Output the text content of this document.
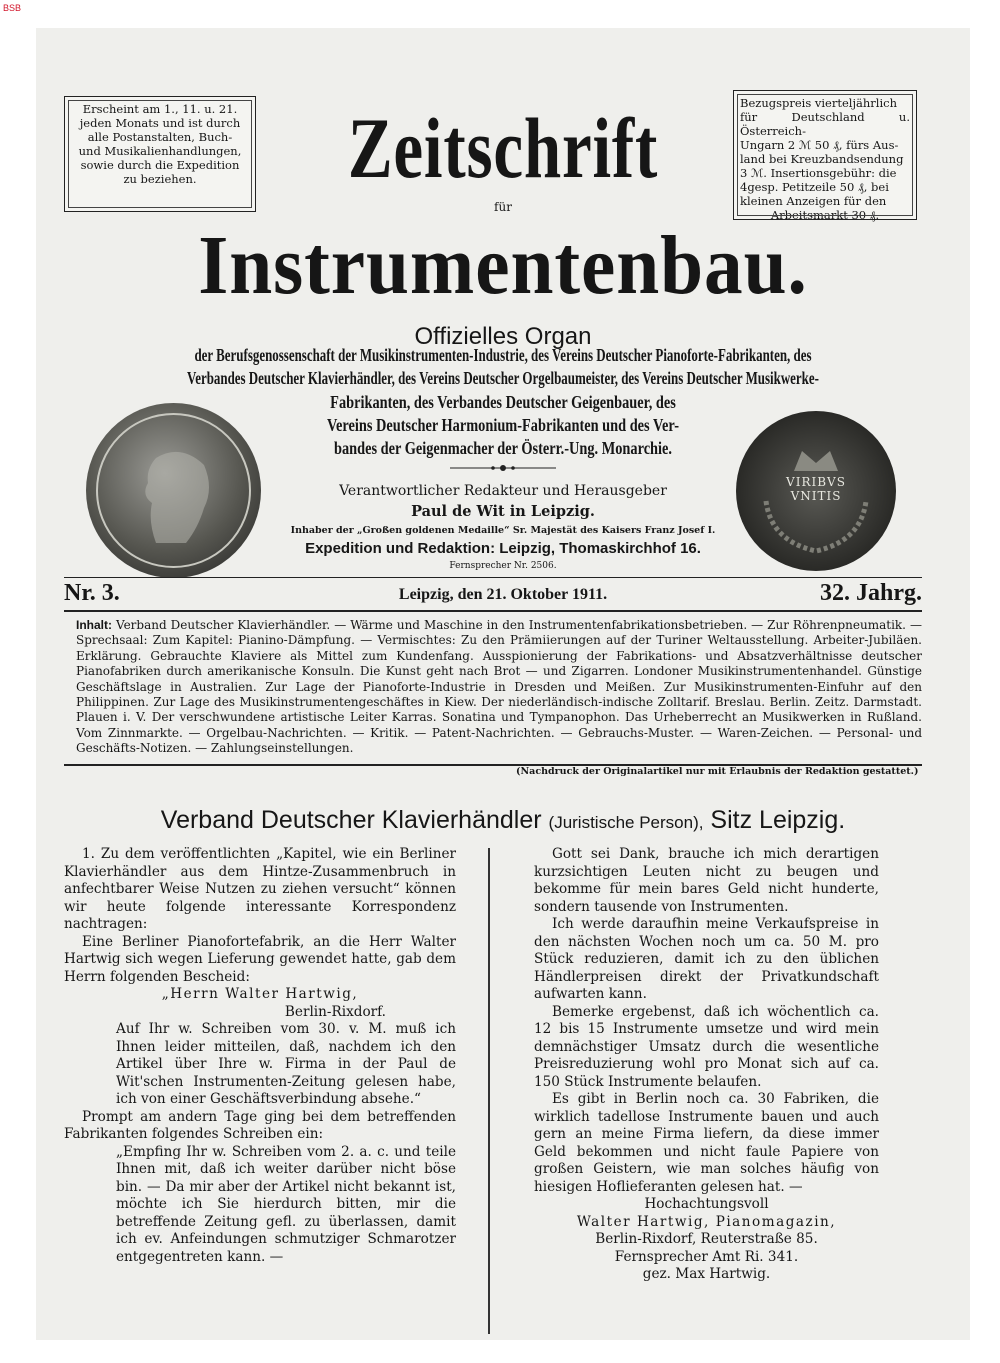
BSB
Erscheint am 1., 11. u. 21.
jeden Monats und ist durch
alle Postanstalten, Buch-
und Musikalienhandlungen,
sowie durch die Expedition
zu beziehen.
Bezugspreis vierteljährlich
für Deutschland u. Österreich-
Ungarn 2 ℳ 50 ₰, fürs Aus-
land bei Kreuzbandsendung
3 ℳ. Insertionsgebühr: die
4gesp. Petitzeile 50 ₰, bei
kleinen Anzeigen für den
Arbeitsmarkt 30 ₰.
Zeitschrift
für
Instrumentenbau.
Offizielles Organ
der Berufsgenossenschaft der Musikinstrumenten-Industrie, des Vereins Deutscher Pianoforte-Fabrikanten, des
Verbandes Deutscher Klavierhändler, des Vereins Deutscher Orgelbaumeister, des Vereins Deutscher Musikwerke-
Fabrikanten, des Verbandes Deutscher Geigenbauer, des
Vereins Deutscher Harmonium-Fabrikanten und des Ver-
bandes der Geigenmacher der Österr.-Ung. Monarchie.
VIRIBVS
VNITIS
Verantwortlicher Redakteur und Herausgeber
Paul de Wit in Leipzig.
Inhaber der „Großen goldenen Medaille“ Sr. Majestät des Kaisers Franz Josef I.
Expedition und Redaktion: Leipzig, Thomaskirchhof 16.
Fernsprecher Nr. 2506.
Nr. 3.	Leipzig, den 21. Oktober 1911.	32. Jahrg.
Inhalt: Verband Deutscher Klavierhändler. — Wärme und Maschine in den Instrumentenfabrikationsbetrieben. — Zur Röhrenpneumatik. — Sprechsaal: Zum Kapitel: Pianino-Dämpfung. — Vermischtes: Zu den Prämiierungen auf der Turiner Weltausstellung. Arbeiter-Jubiläen. Erklärung. Gebrauchte Klaviere als Mittel zum Kundenfang. Ausspionierung der Fabrikations- und Absatzverhältnisse deutscher Pianofabriken durch amerikanische Konsuln. Die Kunst geht nach Brot — und Zigarren. Londoner Musikinstrumentenhandel. Günstige Geschäftslage in Australien. Zur Lage der Pianoforte-Industrie in Dresden und Meißen. Zur Musikinstrumenten-Einfuhr auf den Philippinen. Zur Lage des Musikinstrumentengeschäftes in Kiew. Der niederländisch-indische Zolltarif. Breslau. Berlin. Zeitz. Darmstadt. Plauen i. V. Der verschwundene artistische Leiter Karras. Sonatina und Tympanophon. Das Urheberrecht an Musikwerken in Rußland. Vom Zinnmarkte. — Orgelbau-Nachrichten. — Kritik. — Patent-Nachrichten. — Gebrauchs-Muster. — Waren-Zeichen. — Personal- und Geschäfts-Notizen. — Zahlungseinstellungen.
(Nachdruck der Originalartikel nur mit Erlaubnis der Redaktion gestattet.)
Verband Deutscher Klavierhändler (Juristische Person), Sitz Leipzig.

1. Zu dem veröffentlichten „Kapitel, wie ein Berliner Klavierhändler aus dem Hintze-Zusammenbruch in anfechtbarer Weise Nutzen zu ziehen versucht“ können wir heute folgende interessante Korrespondenz nachtragen:

Eine Berliner Pianofortefabrik, an die Herr Walter Hartwig sich wegen Lieferung gewendet hatte, gab dem Herrn folgenden Bescheid:

„Herrn Walter Hartwig,

Berlin-Rixdorf.

Auf Ihr w. Schreiben vom 30. v. M. muß ich Ihnen leider mitteilen, daß, nachdem ich den Artikel über Ihre w. Firma in der Paul de Wit'schen Instrumenten-Zeitung gelesen habe, ich von einer Geschäftsverbindung absehe.“

Prompt am andern Tage ging bei dem betreffenden Fabrikanten folgendes Schreiben ein:

„Empfing Ihr w. Schreiben vom 2. a. c. und teile Ihnen mit, daß ich weiter darüber nicht böse bin. — Da mir aber der Artikel nicht bekannt ist, möchte ich Sie hierdurch bitten, mir die betreffende Zeitung gefl. zu überlassen, damit ich ev. Anfeindungen schmutziger Schmarotzer entgegentreten kann. —

Gott sei Dank, brauche ich mich derartigen kurzsichtigen Leuten nicht zu beugen und bekomme für mein bares Geld nicht hunderte, sondern tausende von Instrumenten.

Ich werde daraufhin meine Verkaufspreise in den nächsten Wochen noch um ca. 50 M. pro Stück reduzieren, damit ich zu den üblichen Händlerpreisen direkt der Privatkundschaft aufwarten kann.

Bemerke ergebenst, daß ich wöchentlich ca. 12 bis 15 Instrumente umsetze und wird mein demnächstiger Umsatz durch die wesentliche Preisreduzierung wohl pro Monat sich auf ca. 150 Stück Instrumente belaufen.

Es gibt in Berlin noch ca. 30 Fabriken, die wirklich tadellose Instrumente bauen und auch gern an meine Firma liefern, da diese immer Geld bekommen und nicht faule Papiere von großen Geistern, wie man solches häufig von hiesigen Hoflieferanten gelesen hat. —

Hochachtungsvoll

Walter Hartwig, Pianomagazin,

Berlin-Rixdorf, Reuterstraße 85.

Fernsprecher Amt Ri. 341.

gez. Max Hartwig.
